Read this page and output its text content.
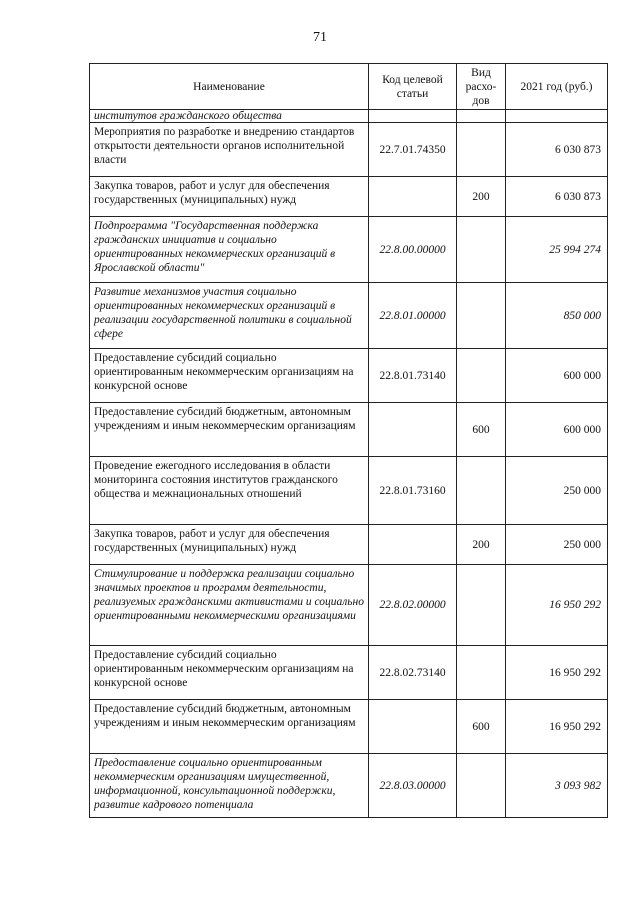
71
Наименование	Код целевой статьи	Вид расхо-дов	2021 год (руб.)
институтов гражданского общества			
Мероприятия по разработке и внедрению стандартов открытости деятельности органов исполнительной власти	22.7.01.74350		6 030 873
Закупка товаров, работ и услуг для обеспечения государственных (муниципальных) нужд		200	6 030 873
Подпрограмма "Государственная поддержка гражданских инициатив и социально ориентированных некоммерческих организаций в Ярославской области"	22.8.00.00000		25 994 274
Развитие механизмов участия социально ориентированных некоммерческих организаций в реализации государственной политики в социальной сфере	22.8.01.00000		850 000
Предоставление субсидий социально ориентированным некоммерческим организациям на конкурсной основе	22.8.01.73140		600 000
Предоставление субсидий бюджетным, автономным учреждениям и иным некоммерческим организациям		600	600 000
Проведение ежегодного исследования в области мониторинга состояния институтов гражданского общества и межнациональных отношений	22.8.01.73160		250 000
Закупка товаров, работ и услуг для обеспечения государственных (муниципальных) нужд		200	250 000
Стимулирование и поддержка реализации социально значимых проектов и программ деятельности, реализуемых гражданскими активистами и социально ориентированными некоммерческими организациями	22.8.02.00000		16 950 292
Предоставление субсидий социально ориентированным некоммерческим организациям на конкурсной основе	22.8.02.73140		16 950 292
Предоставление субсидий бюджетным, автономным учреждениям и иным некоммерческим организациям		600	16 950 292
Предоставление социально ориентированным некоммерческим организациям имущественной, информационной, консультационной поддержки, развитие кадрового потенциала	22.8.03.00000		3 093 982
